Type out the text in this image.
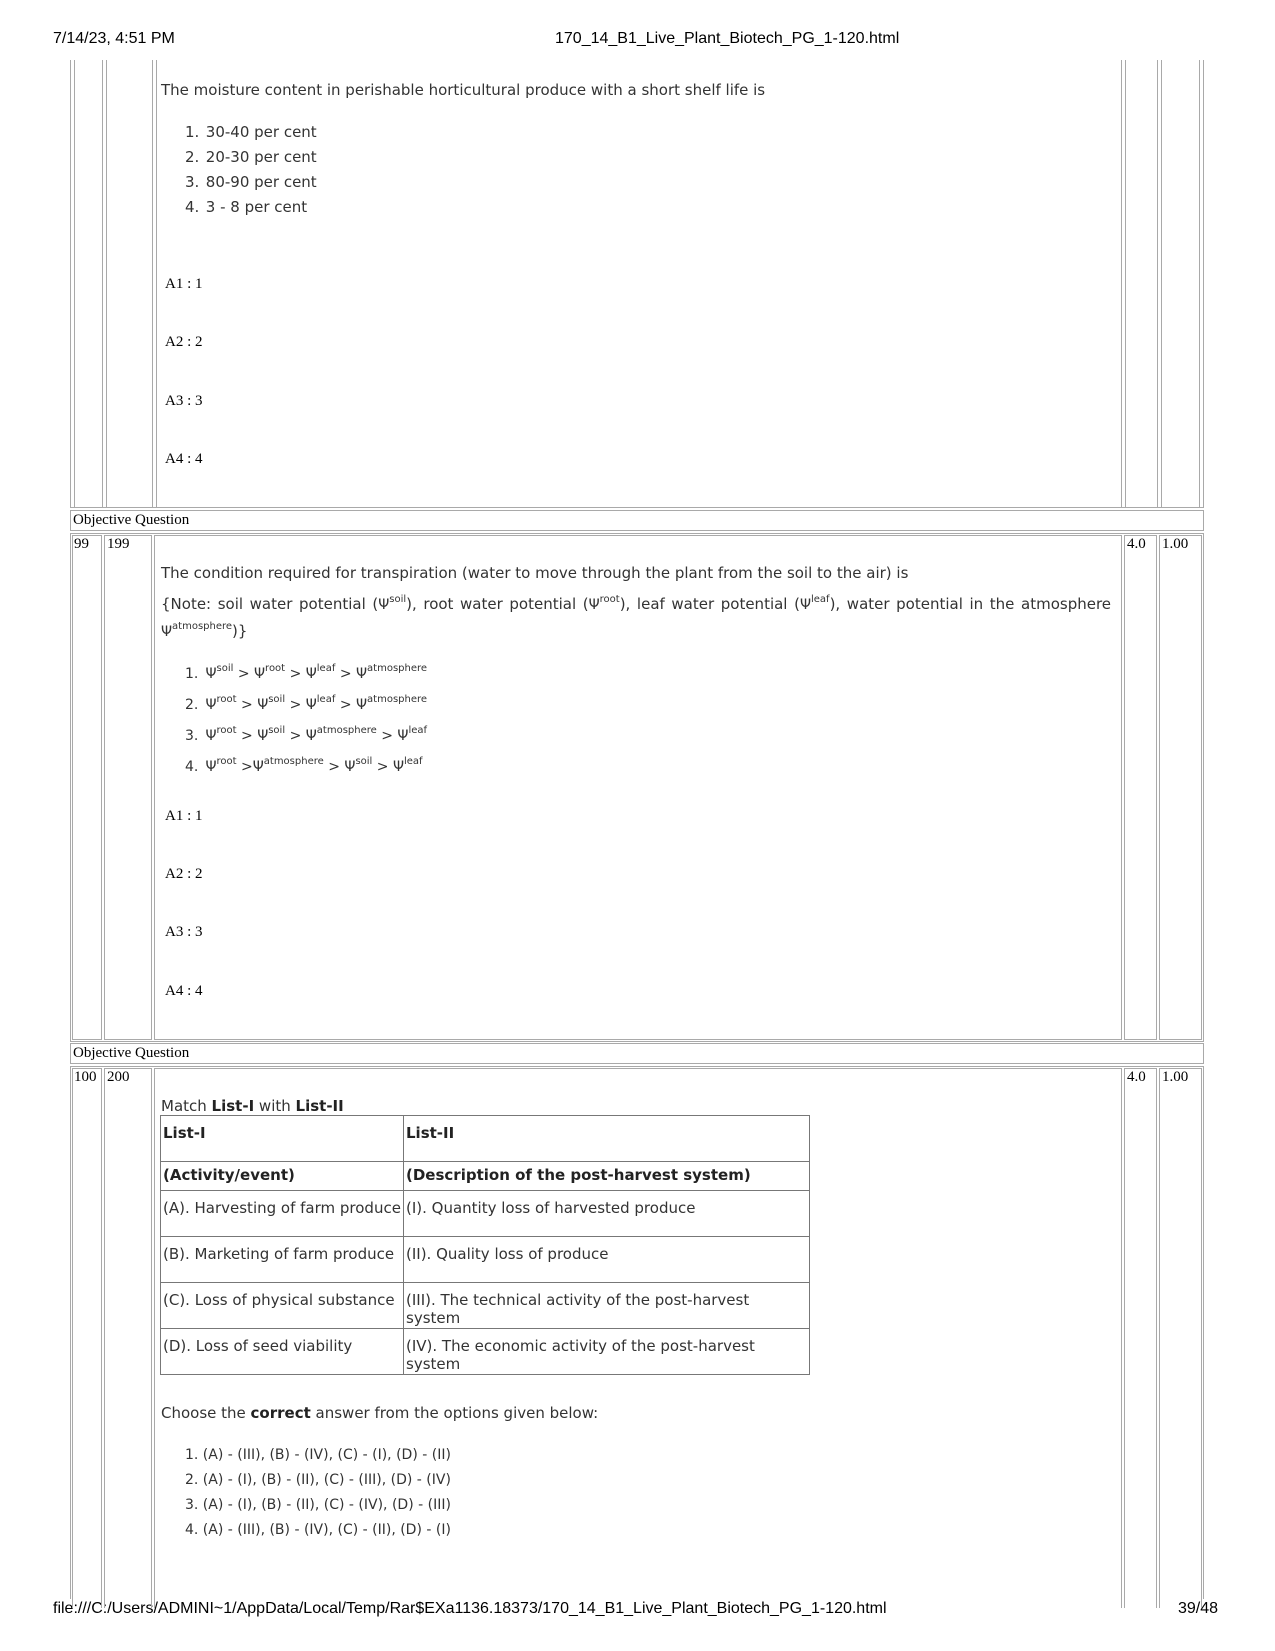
7/14/23, 4:51 PM	170_14_B1_Live_Plant_Biotech_PG_1-120.html
file:///C:/Users/ADMINI~1/AppData/Local/Temp/Rar$EXa1136.18373/170_14_B1_Live_Plant_Biotech_PG_1-120.html	39/48
The moisture content in perishable horticultural produce with a short shelf life is
1. 30-40 per cent
2. 20-30 per cent
3. 80-90 per cent
4. 3 - 8 per cent
A1 : 1
A2 : 2
A3 : 3
A4 : 4
Objective Question
99 199	4.0 1.00
The condition required for transpiration (water to move through the plant from the soil to the air) is
{Note: soil water potential $(\Psi^{soil})$, root water potential $(\Psi^{root})$, leaf water potential $(\Psi^{leaf})$, water potential in the atmosphere $\Psi^{atmosphere}$)}
1. $\Psi^{soil} > \Psi^{root} > \Psi^{leaf} > \Psi^{atmosphere}$
2. $\Psi^{root} > \Psi^{soil} > \Psi^{leaf} > \Psi^{atmosphere}$
3. $\Psi^{root} > \Psi^{soil} > \Psi^{atmosphere} > \Psi^{leaf}$
4. $\Psi^{root} >\Psi^{atmosphere} > \Psi^{soil} > \Psi^{leaf}$
A1 : 1
A2 : 2
A3 : 3
A4 : 4
Objective Question
100 200	4.0 1.00
Match List-I with List-II
List-I	List-II
(Activity/event)	(Description of the post-harvest system)
(A). Harvesting of farm produce	(I). Quantity loss of harvested produce
(B). Marketing of farm produce	(II). Quality loss of produce
(C). Loss of physical substance	(III). The technical activity of the post-harvest system
(D). Loss of seed viability	(IV). The economic activity of the post-harvest system
Choose the correct answer from the options given below:
1. (A) - (III), (B) - (IV), (C) - (I), (D) - (II)
2. (A) - (I), (B) - (II), (C) - (III), (D) - (IV)
3. (A) - (I), (B) - (II), (C) - (IV), (D) - (III)
4. (A) - (III), (B) - (IV), (C) - (II), (D) - (I)
